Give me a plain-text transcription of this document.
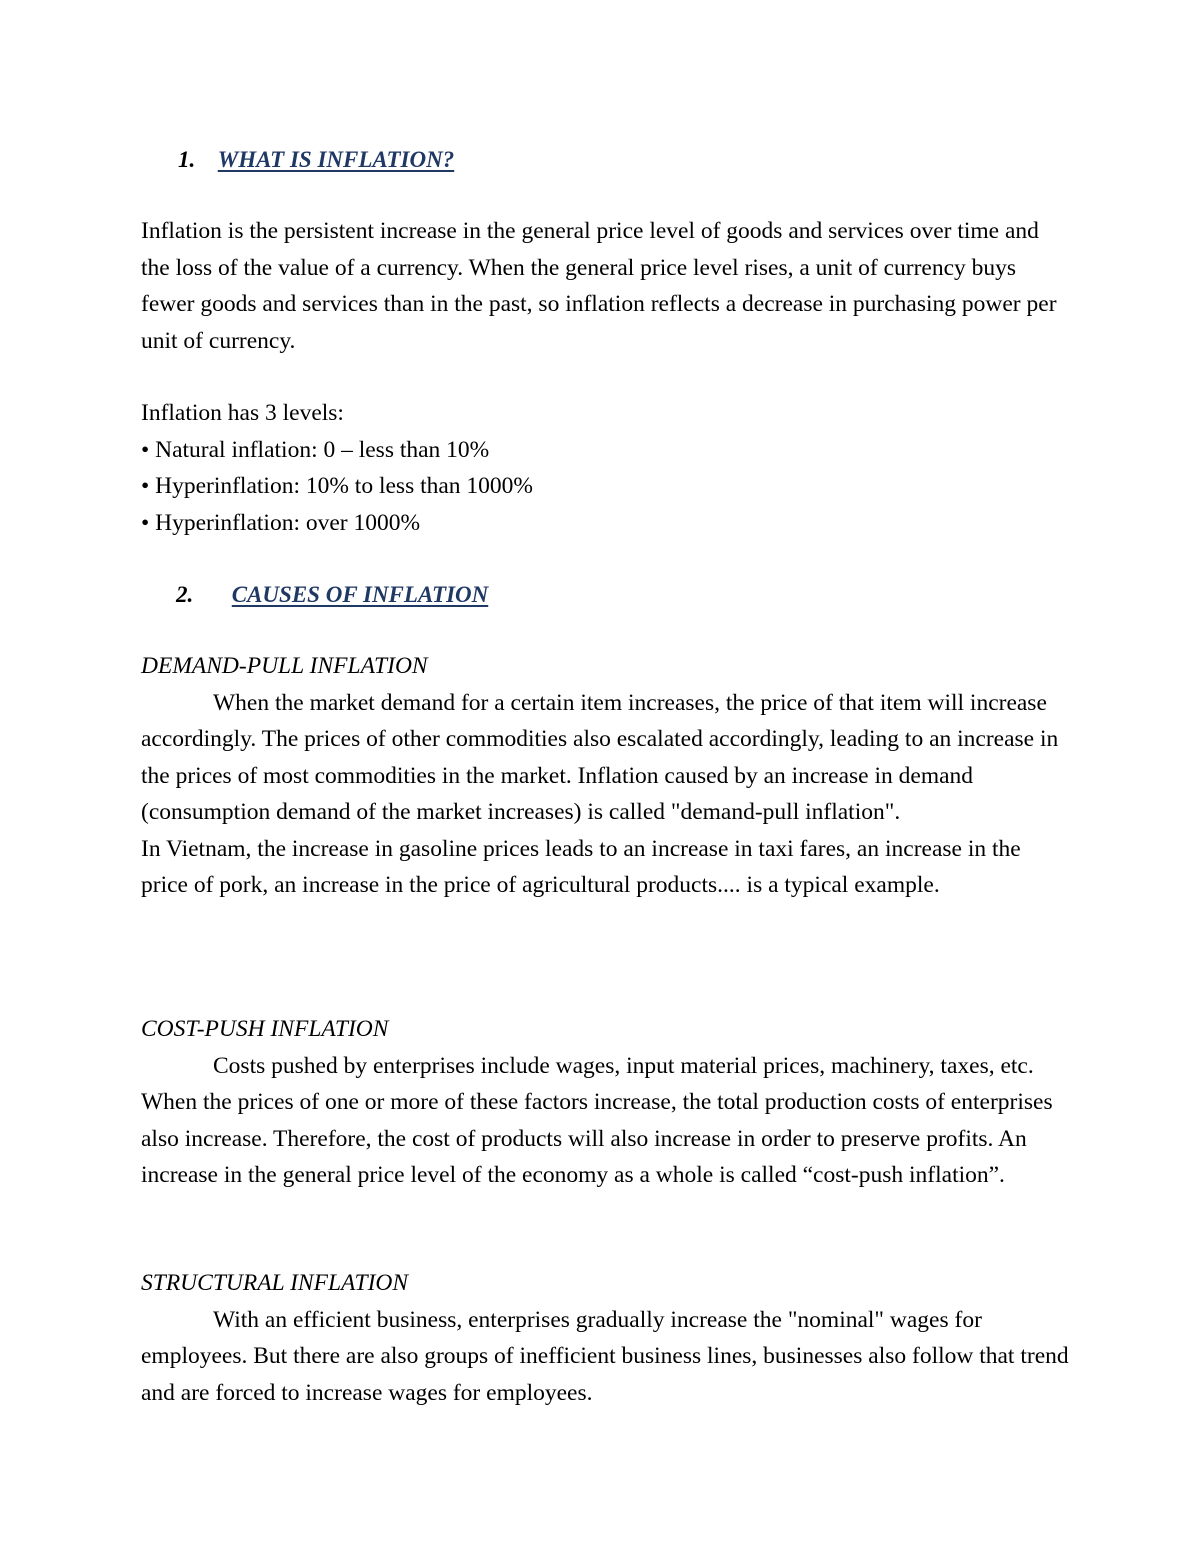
1. WHAT IS INFLATION?

Inflation is the persistent increase in the general price level of goods and services over time and the loss of the value of a currency. When the general price level rises, a unit of currency buys fewer goods and services than in the past, so inflation reflects a decrease in purchasing power per unit of currency.

Inflation has 3 levels:

• Natural inflation: 0 – less than 10%

• Hyperinflation: 10% to less than 1000%

• Hyperinflation: over 1000%

2. CAUSES OF INFLATION

DEMAND-PULL INFLATION

When the market demand for a certain item increases, the price of that item will increase accordingly. The prices of other commodities also escalated accordingly, leading to an increase in the prices of most commodities in the market. Inflation caused by an increase in demand (consumption demand of the market increases) is called "demand-pull inflation".

In Vietnam, the increase in gasoline prices leads to an increase in taxi fares, an increase in the price of pork, an increase in the price of agricultural products.... is a typical example.

COST-PUSH INFLATION

Costs pushed by enterprises include wages, input material prices, machinery, taxes, etc. When the prices of one or more of these factors increase, the total production costs of enterprises also increase. Therefore, the cost of products will also increase in order to preserve profits. An increase in the general price level of the economy as a whole is called “cost-push inflation”.

STRUCTURAL INFLATION

With an efficient business, enterprises gradually increase the "nominal" wages for employees. But there are also groups of inefficient business lines, businesses also follow that trend and are forced to increase wages for employees.
